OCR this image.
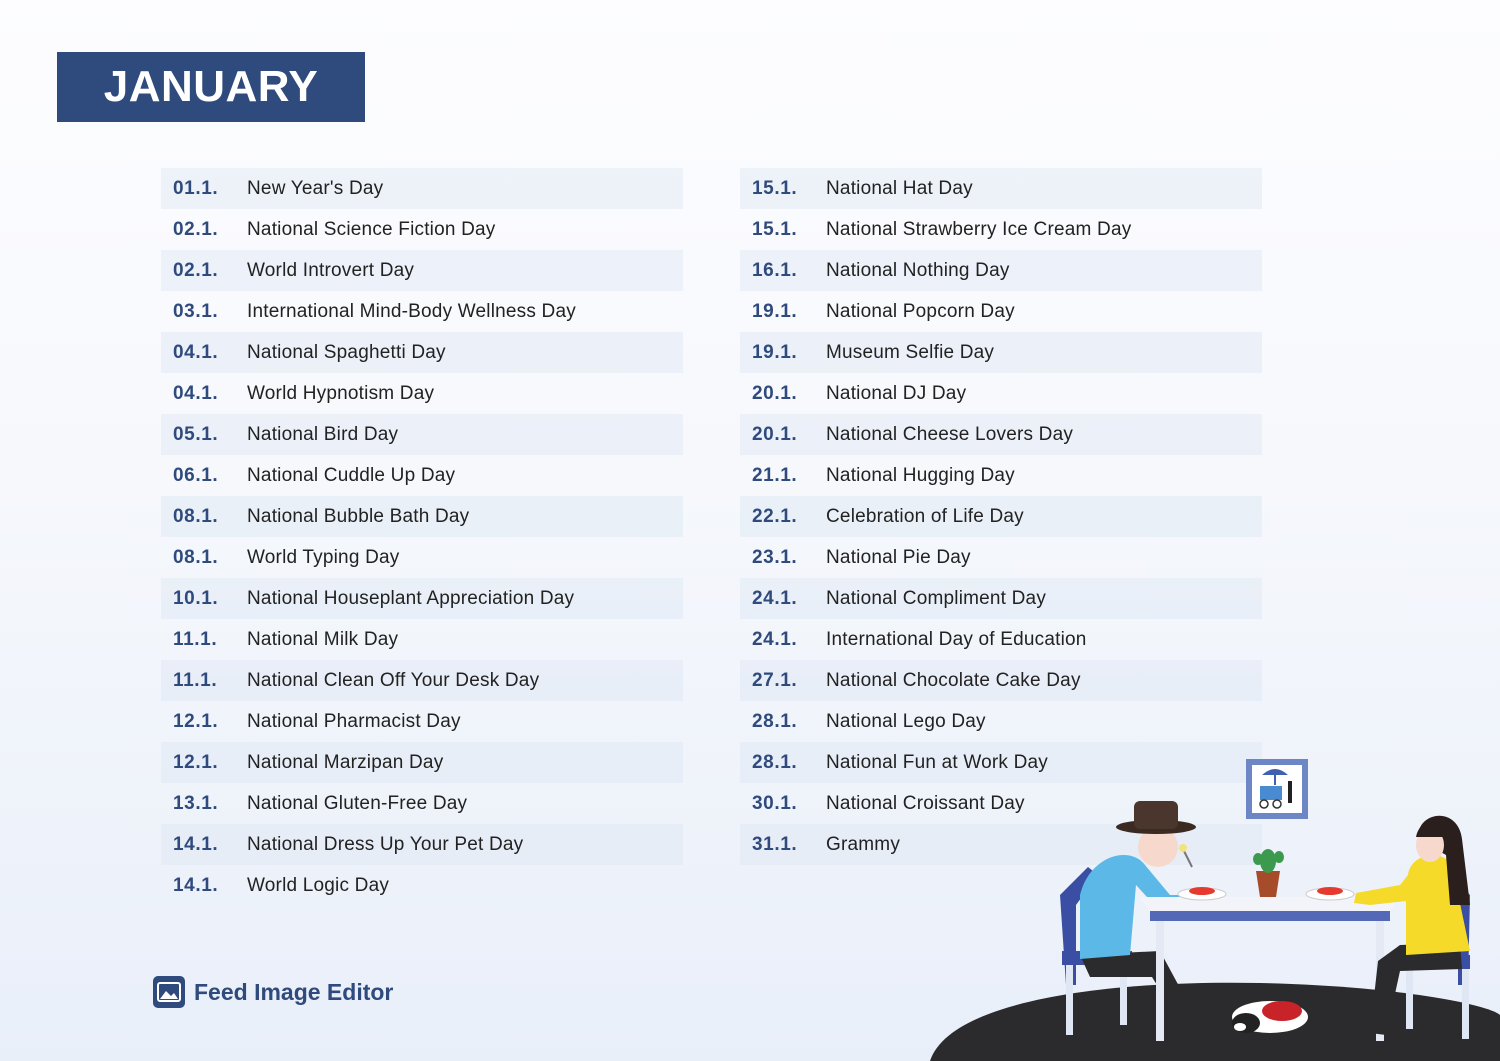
JANUARY
01.1.	New Year's Day
02.1.	National Science Fiction Day
02.1.	World Introvert Day
03.1.	International Mind-Body Wellness Day
04.1.	National Spaghetti Day
04.1.	World Hypnotism Day
05.1.	National Bird Day
06.1.	National Cuddle Up Day
08.1.	National Bubble Bath Day
08.1.	World Typing Day
10.1.	National Houseplant Appreciation Day
11.1.	National Milk Day
11.1.	National Clean Off Your Desk Day
12.1.	National Pharmacist Day
12.1.	National Marzipan Day
13.1.	National Gluten-Free Day
14.1.	National Dress Up Your Pet Day
14.1.	World Logic Day
15.1.	National Hat Day
15.1.	National Strawberry Ice Cream Day
16.1.	National Nothing Day
19.1.	National Popcorn Day
19.1.	Museum Selfie Day
20.1.	National DJ Day
20.1.	National Cheese Lovers Day
21.1.	National Hugging Day
22.1.	Celebration of Life Day
23.1.	National Pie Day
24.1.	National Compliment Day
24.1.	International Day of Education
27.1.	National Chocolate Cake Day
28.1.	National Lego Day
28.1.	National Fun at Work Day
30.1.	National Croissant Day
31.1.	Grammy
Feed Image Editor
